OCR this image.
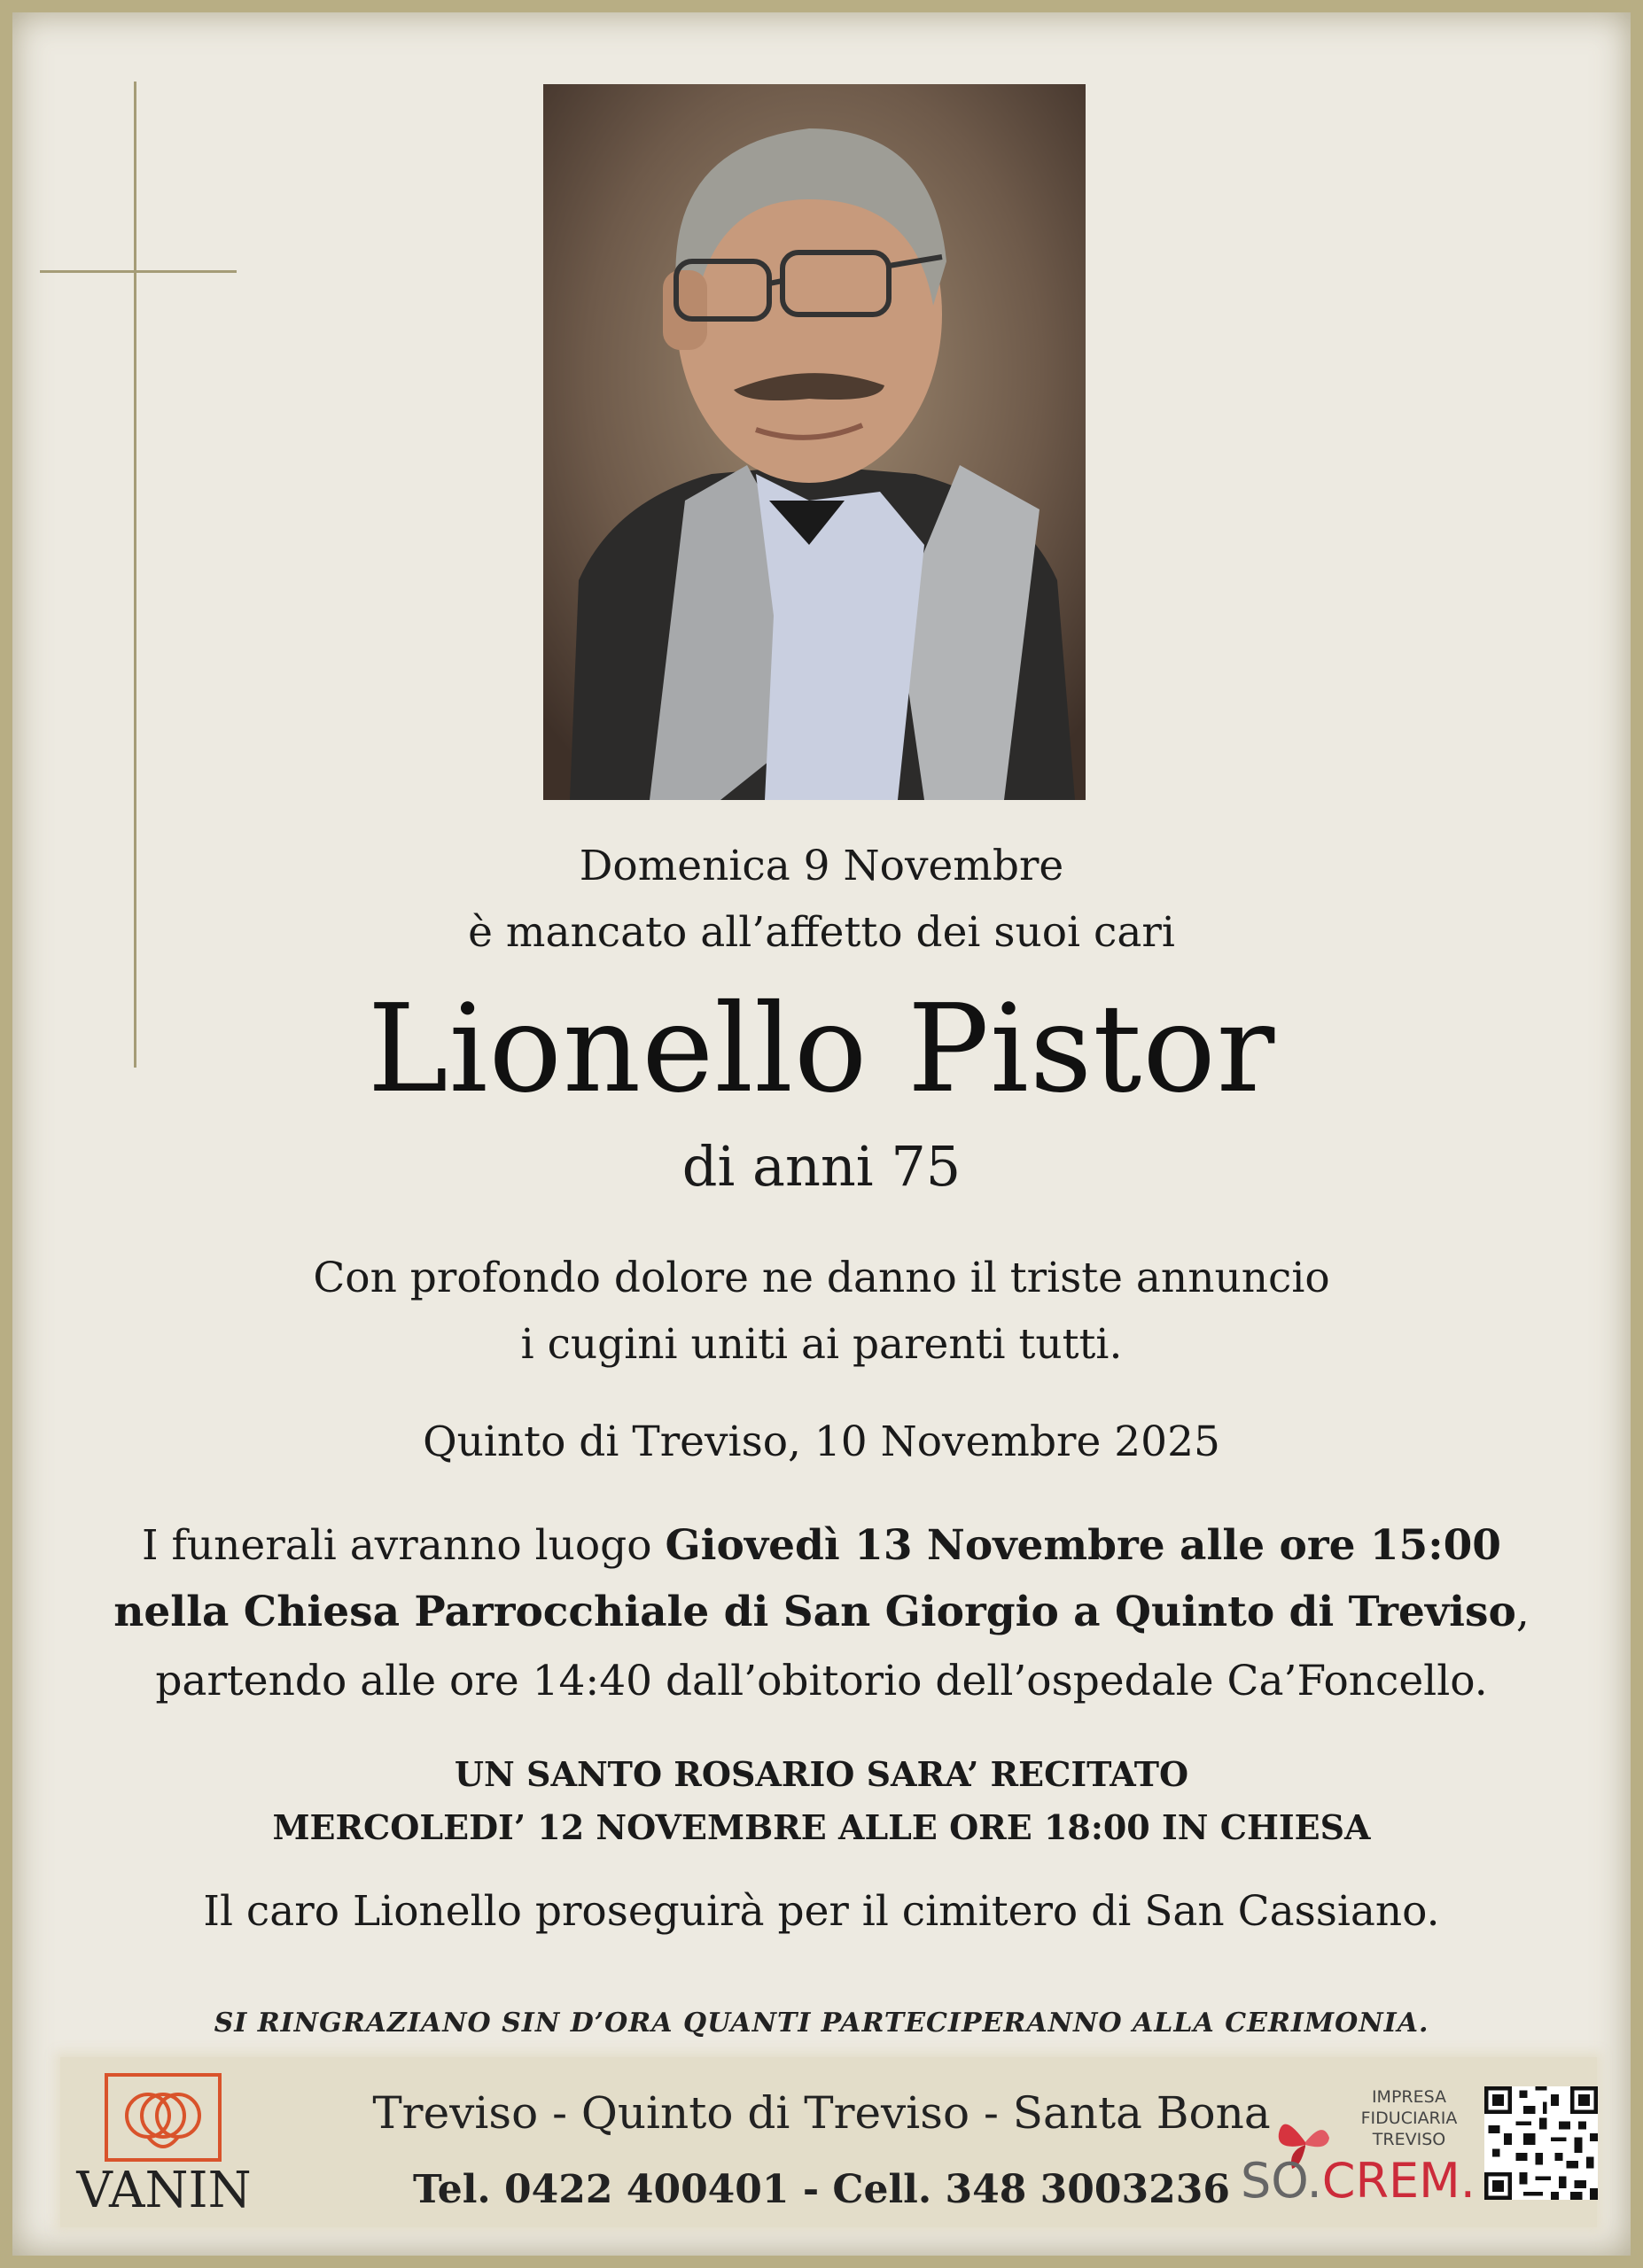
Domenica 9 Novembre
è mancato all’affetto dei suoi cari
Lionello Pistor
di anni 75
Con profondo dolore ne danno il triste annuncio
i cugini uniti ai parenti tutti.
Quinto di Treviso, 10 Novembre 2025
I funerali avranno luogo Giovedì 13 Novembre alle ore 15:00
nella Chiesa Parrocchiale di San Giorgio a Quinto di Treviso,
partendo alle ore 14:40 dall’obitorio dell’ospedale Ca’Foncello.
UN SANTO ROSARIO SARA’ RECITATO
MERCOLEDI’ 12 NOVEMBRE ALLE ORE 18:00 IN CHIESA
Il caro Lionello proseguirà per il cimitero di San Cassiano.
SI RINGRAZIANO SIN D’ORA QUANTI PARTECIPERANNO ALLA CERIMONIA.
VANIN
Treviso - Quinto di Treviso - Santa Bona
Tel. 0422 400401 - Cell. 348 3003236
IMPRESA
FIDUCIARIA
TREVISO
SO.CREM.
